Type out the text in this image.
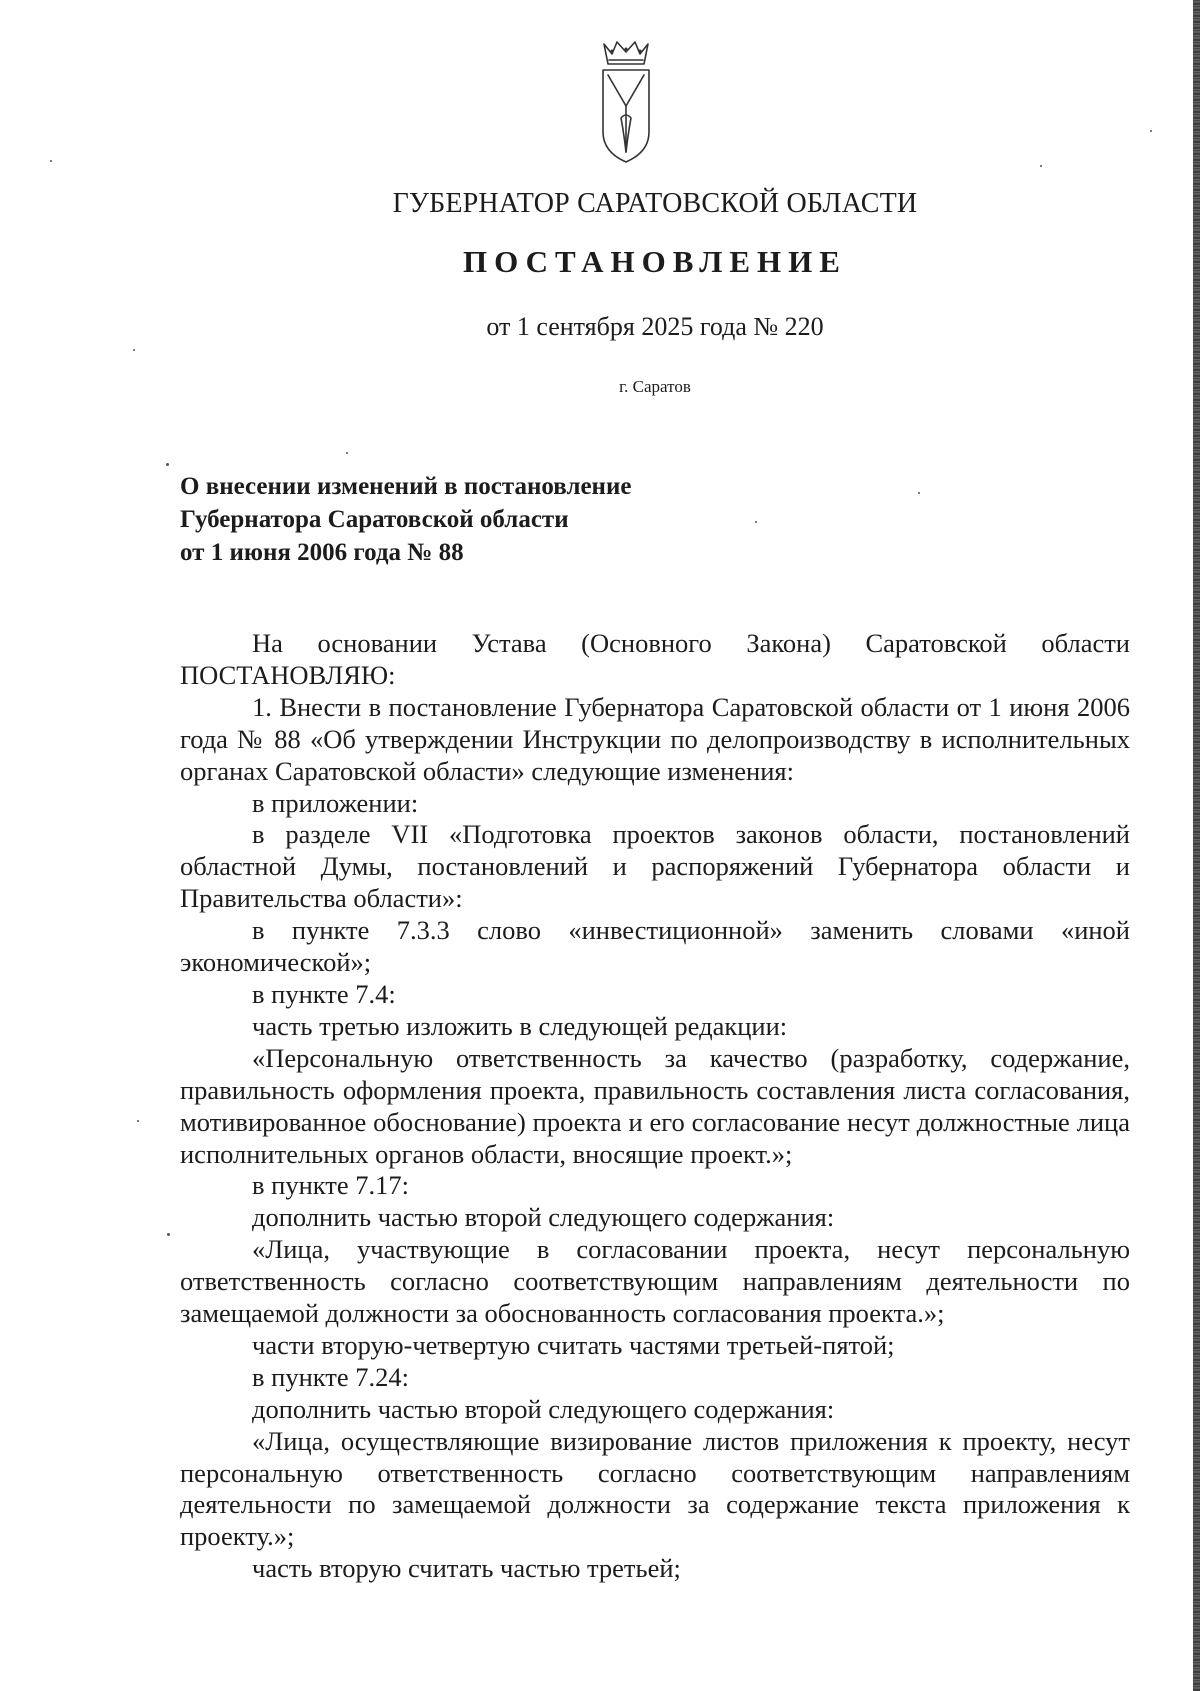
ГУБЕРНАТОР САРАТОВСКОЙ ОБЛАСТИ
ПОСТАНОВЛЕНИЕ
от 1 сентября 2025 года № 220
г. Саратов
О внесении изменений в постановление
Губернатора Саратовской области
от 1 июня 2006 года № 88

На основании Устава (Основного Закона) Саратовской области ПОСТАНОВЛЯЮ:

1. Внести в постановление Губернатора Саратовской области от 1 июня 2006 года № 88 «Об утверждении Инструкции по делопроизводству в исполнительных органах Саратовской области» следующие изменения:

в приложении:

в разделе VII «Подготовка проектов законов области, постановлений областной Думы, постановлений и распоряжений Губернатора области и Правительства области»:

в пункте 7.3.3 слово «инвестиционной» заменить словами «иной экономической»;

в пункте 7.4:

часть третью изложить в следующей редакции:

«Персональную ответственность за качество (разработку, содержание, правильность оформления проекта, правильность составления листа согласования, мотивированное обоснование) проекта и его согласование несут должностные лица исполнительных органов области, вносящие проект.»;

в пункте 7.17:

дополнить частью второй следующего содержания:

«Лица, участвующие в согласовании проекта, несут персональную ответственность согласно соответствующим направлениям деятельности по замещаемой должности за обоснованность согласования проекта.»;

части вторую-четвертую считать частями третьей-пятой;

в пункте 7.24:

дополнить частью второй следующего содержания:

«Лица, осуществляющие визирование листов приложения к проекту, несут персональную ответственность согласно соответствующим направлениям деятельности по замещаемой должности за содержание текста приложения к проекту.»;

часть вторую считать частью третьей;
